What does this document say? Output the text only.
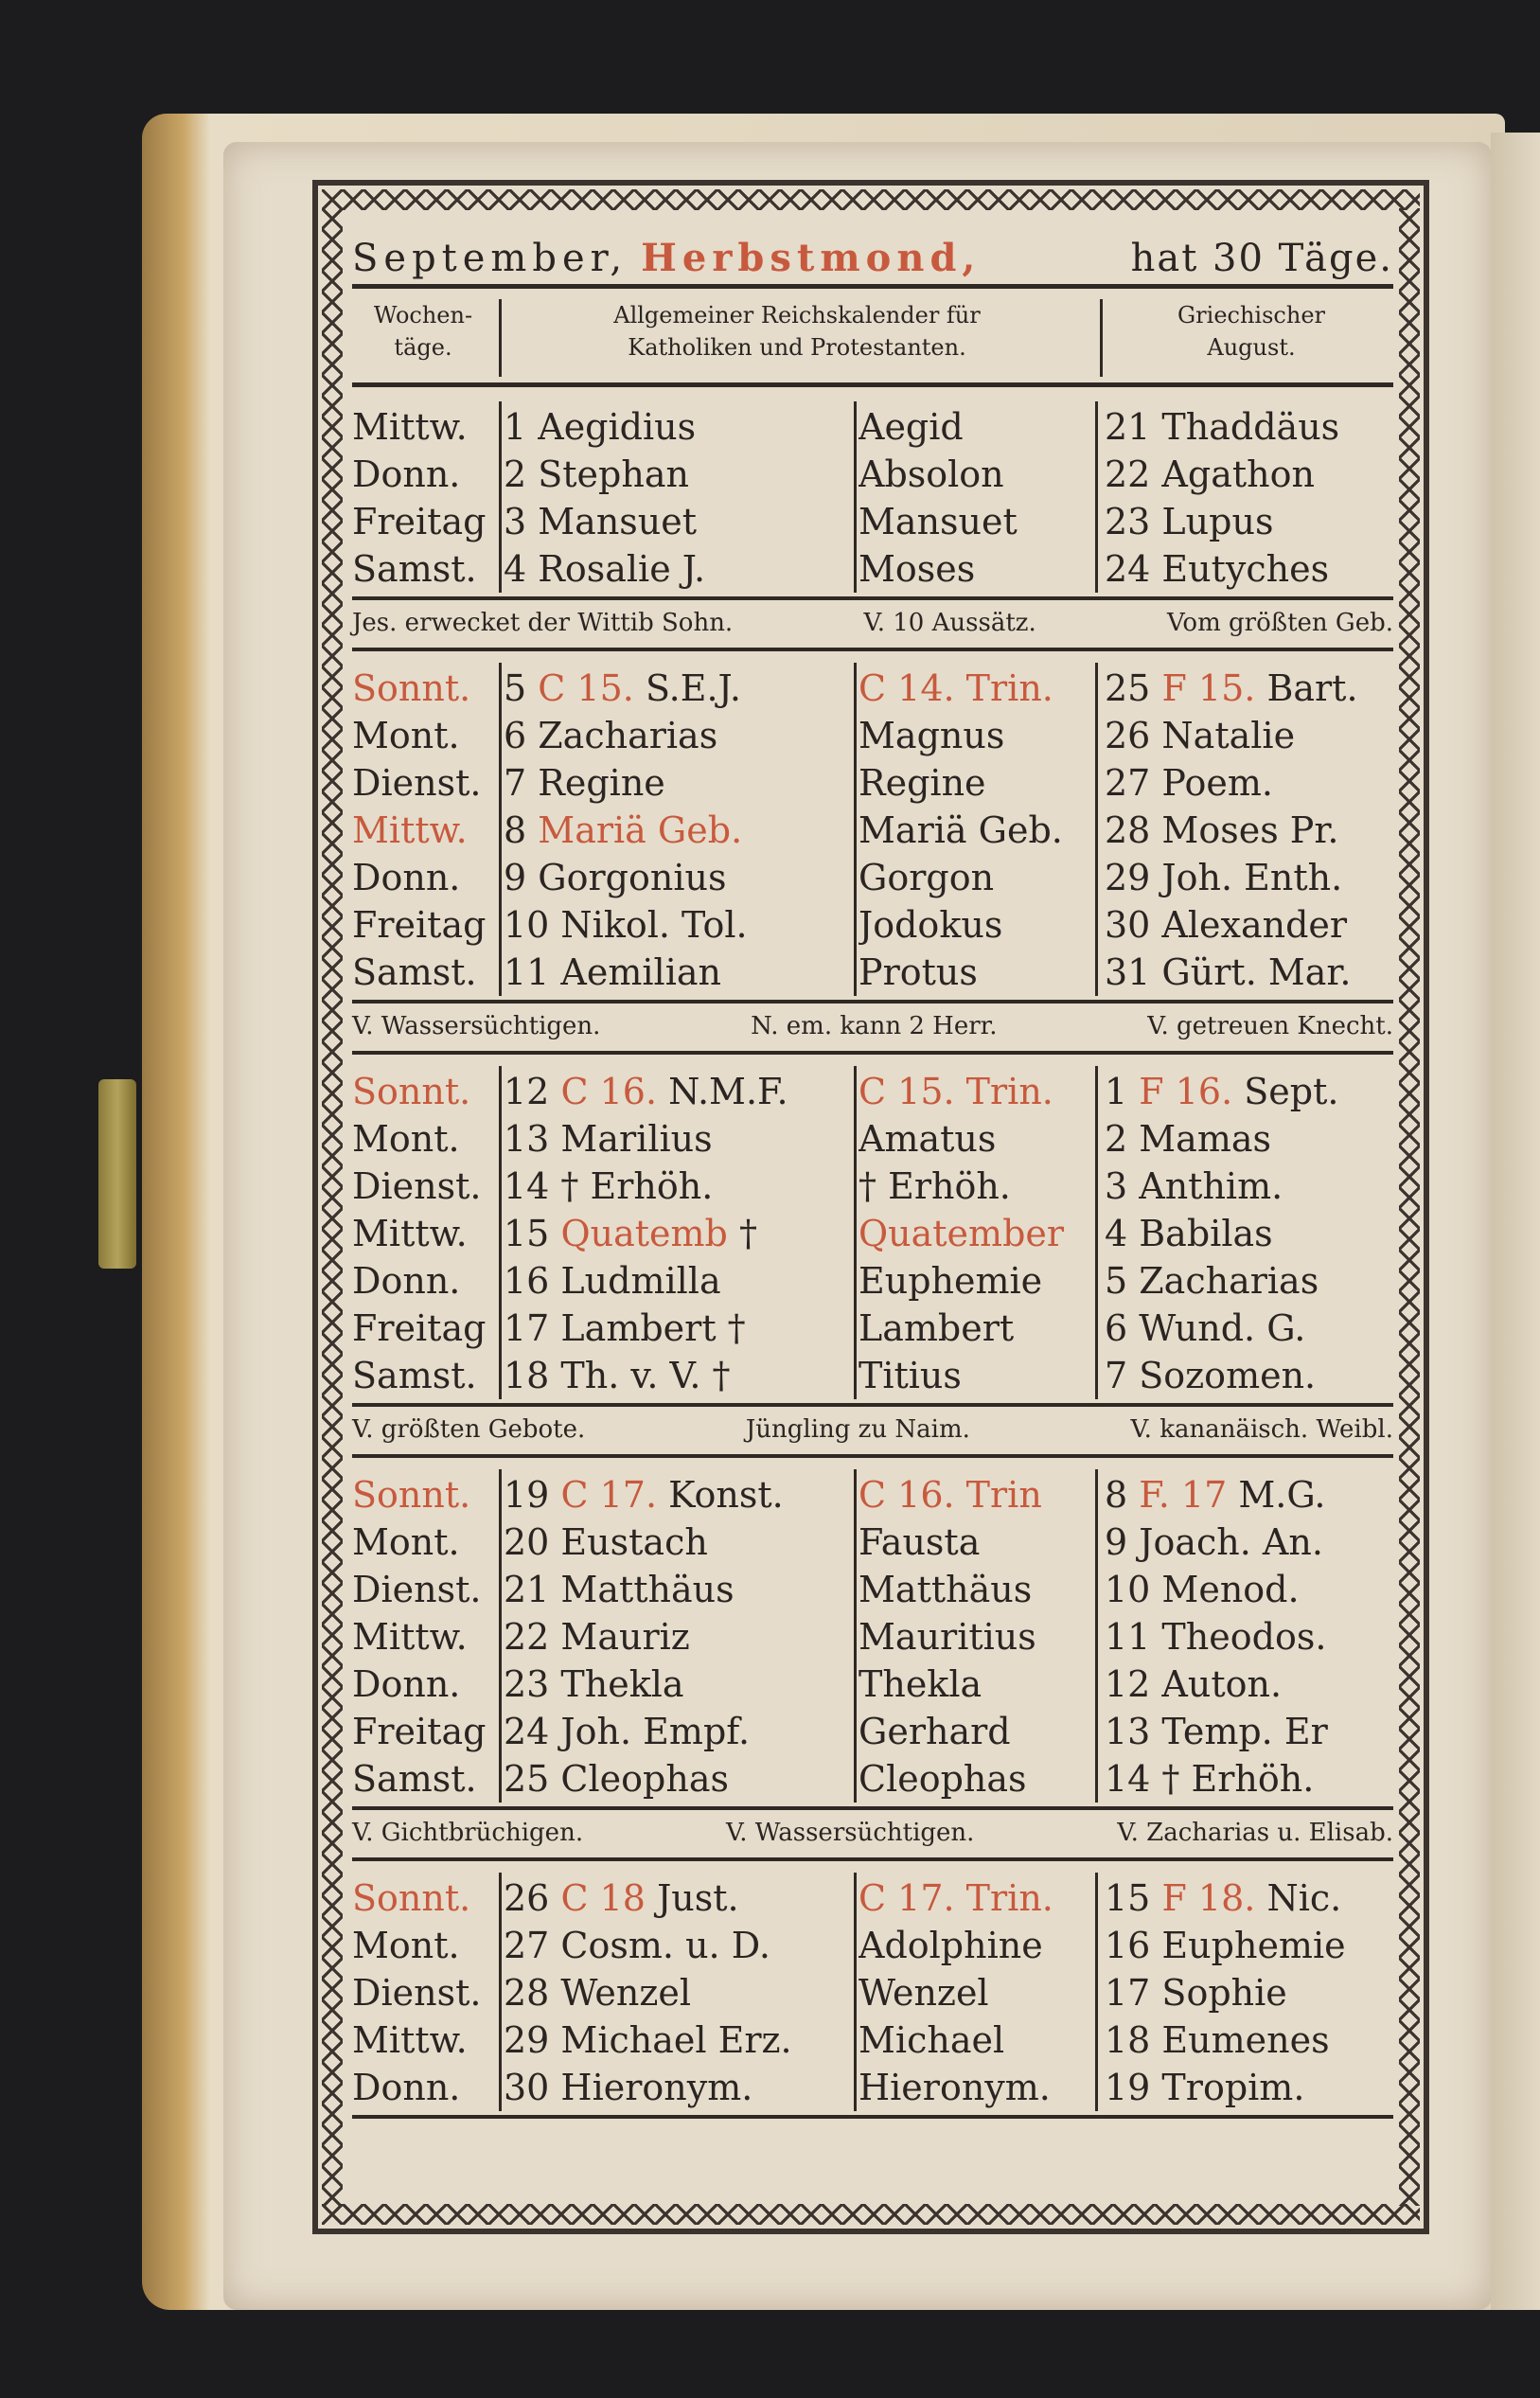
September, Herbstmond,	hat 30 Täge.
Wochen-
täge.
Allgemeiner Reichskalender für
Katholiken und Protestanten.
Griechischer
August.
Mittw.	1 Aegidius	Aegid	21 Thaddäus
Donn.	2 Stephan	Absolon	22 Agathon
Freitag 3 Mansuet	Mansuet	23 Lupus
Samst. 4 Rosalie J.	Moses	24 Eutyches
Jes. erwecket der Wittib Sohn.	V. 10 Aussätz.	Vom größten Geb.
Sonnt. 5 C 15. S.E.J.	C 14. Trin.	25 F 15. Bart.
Mont.	6 Zacharias	Magnus	26 Natalie
Dienst. 7 Regine	Regine	27 Poem.
Mittw.	8 Mariä Geb.	Mariä Geb.	28 Moses Pr.
Donn.	9 Gorgonius	Gorgon	29 Joh. Enth.
Freitag 10 Nikol. Tol.	Jodokus	30 Alexander
Samst. 11 Aemilian	Protus	31 Gürt. Mar.
V. Wassersüchtigen.	N. em. kann 2 Herr.	V. getreuen Knecht.
Sonnt. 12 C 16. N.M.F.	C 15. Trin.	1 F 16. Sept.
Mont.	13 Marilius	Amatus	2 Mamas
Dienst. 14 † Erhöh.	† Erhöh.	3 Anthim.
Mittw.	15 Quatemb †	Quatember	4 Babilas
Donn.	16 Ludmilla	Euphemie	5 Zacharias
Freitag 17 Lambert †	Lambert	6 Wund. G.
Samst. 18 Th. v. V. †	Titius	7 Sozomen.
V. größten Gebote.	Jüngling zu Naim.	V. kananäisch. Weibl.
Sonnt. 19 C 17. Konst.	C 16. Trin	8 F. 17 M.G.
Mont.	20 Eustach	Fausta	9 Joach. An.
Dienst. 21 Matthäus	Matthäus	10 Menod.
Mittw.	22 Mauriz	Mauritius	11 Theodos.
Donn.	23 Thekla	Thekla	12 Auton.
Freitag 24 Joh. Empf.	Gerhard	13 Temp. Er
Samst. 25 Cleophas	Cleophas	14 † Erhöh.
V. Gichtbrüchigen.	V. Wassersüchtigen.	V. Zacharias u. Elisab.
Sonnt. 26 C 18 Just.	C 17. Trin.	15 F 18. Nic.
Mont.	27 Cosm. u. D.	Adolphine	16 Euphemie
Dienst. 28 Wenzel	Wenzel	17 Sophie
Mittw.	29 Michael Erz.	Michael	18 Eumenes
Donn.	30 Hieronym.	Hieronym.	19 Tropim.
